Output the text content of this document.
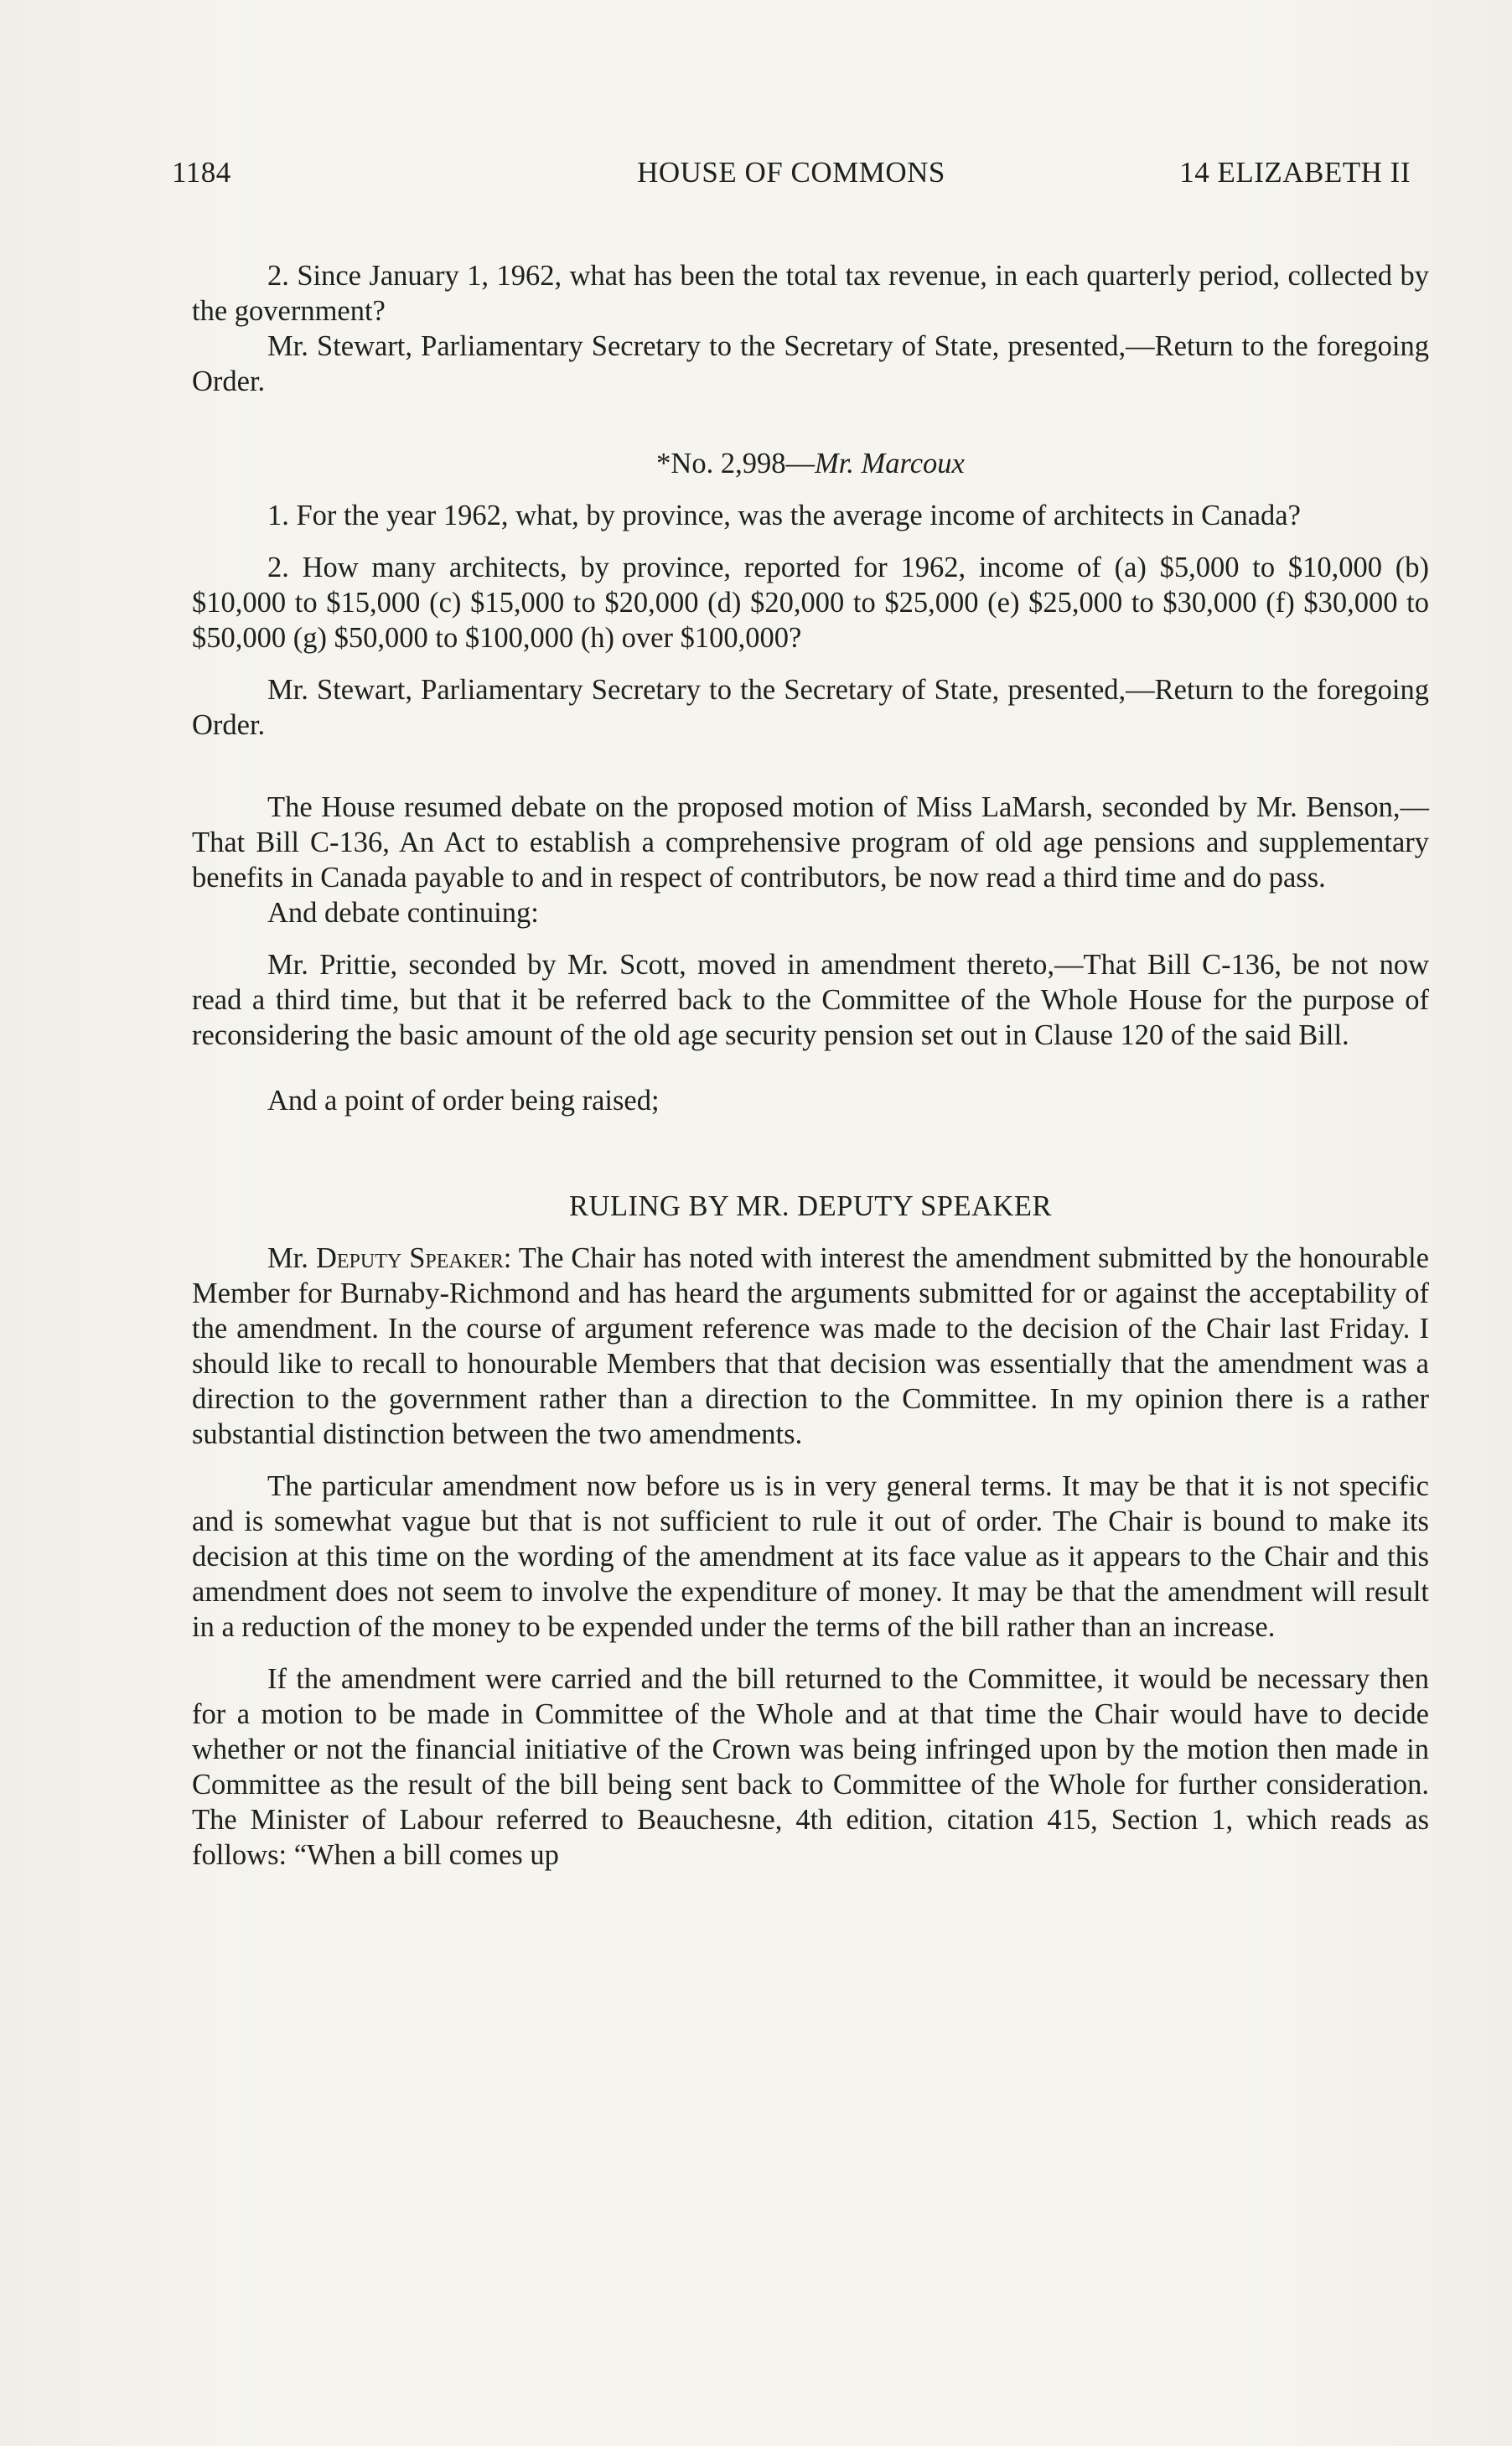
1184	HOUSE OF COMMONS	14 ELIZABETH II

2. Since January 1, 1962, what has been the total tax revenue, in each quarterly period, collected by the government?

Mr. Stewart, Parliamentary Secretary to the Secretary of State, presented,—Return to the foregoing Order.

*No. 2,998—Mr. Marcoux

1. For the year 1962, what, by province, was the average income of architects in Canada?

2. How many architects, by province, reported for 1962, income of (a) $5,000 to $10,000 (b) $10,000 to $15,000 (c) $15,000 to $20,000 (d) $20,000 to $25,000 (e) $25,000 to $30,000 (f) $30,000 to $50,000 (g) $50,000 to $100,000 (h) over $100,000?

Mr. Stewart, Parliamentary Secretary to the Secretary of State, presented,—Return to the foregoing Order.

The House resumed debate on the proposed motion of Miss LaMarsh, seconded by Mr. Benson,—That Bill C-136, An Act to establish a comprehensive program of old age pensions and supplementary benefits in Canada payable to and in respect of contributors, be now read a third time and do pass.

And debate continuing:

Mr. Prittie, seconded by Mr. Scott, moved in amendment thereto,—That Bill C-136, be not now read a third time, but that it be referred back to the Committee of the Whole House for the purpose of reconsidering the basic amount of the old age security pension set out in Clause 120 of the said Bill.

And a point of order being raised;

RULING BY MR. DEPUTY SPEAKER

Mr. Deputy Speaker: The Chair has noted with interest the amendment submitted by the honourable Member for Burnaby-Richmond and has heard the arguments submitted for or against the acceptability of the amendment. In the course of argument reference was made to the decision of the Chair last Friday. I should like to recall to honourable Members that that decision was essentially that the amendment was a direction to the government rather than a direction to the Committee. In my opinion there is a rather substantial distinction between the two amendments.

The particular amendment now before us is in very general terms. It may be that it is not specific and is somewhat vague but that is not sufficient to rule it out of order. The Chair is bound to make its decision at this time on the wording of the amendment at its face value as it appears to the Chair and this amendment does not seem to involve the expenditure of money. It may be that the amendment will result in a reduction of the money to be expended under the terms of the bill rather than an increase.

If the amendment were carried and the bill returned to the Committee, it would be necessary then for a motion to be made in Committee of the Whole and at that time the Chair would have to decide whether or not the financial initiative of the Crown was being infringed upon by the motion then made in Committee as the result of the bill being sent back to Committee of the Whole for further consideration. The Minister of Labour referred to Beauchesne, 4th edition, citation 415, Section 1, which reads as follows: “When a bill comes up
